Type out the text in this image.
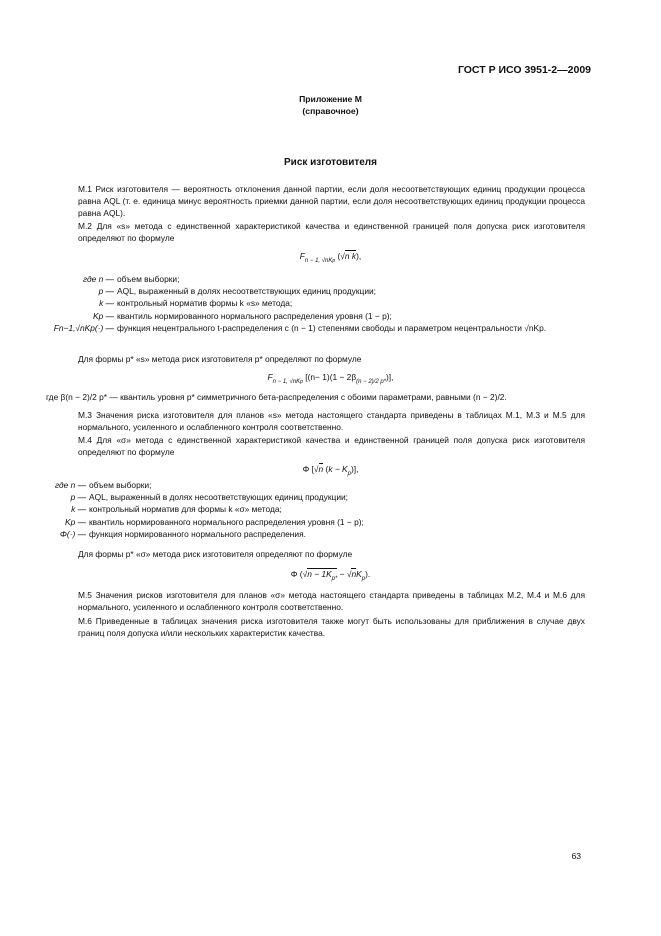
ГОСТ Р ИСО 3951-2—2009
Приложение М
(справочное)
Риск изготовителя
М.1 Риск изготовителя — вероятность отклонения данной партии, если доля несоответствующих единиц продукции процесса равна AQL (т. е. единица минус вероятность приемки данной партии, если доля несоответствующих единиц продукции процесса равна AQL).
М.2 Для «s» метода с единственной характеристикой качества и единственной границей поля допуска риск изготовителя определяют по формуле
$F_{n - 1, √nKp}$ (√n k),
где n — объем выборки;
p — AQL, выраженный в долях несоответствующих единиц продукции;
k — контрольный норматив формы k «s» метода;
Kp — квантиль нормированного нормального распределения уровня (1 − p);
Fn−1,√nKp(·) — функция нецентрального t-распределения с (n − 1) степенями свободы и параметром нецентральности √nKp.
Для формы p* «s» метода риск изготовителя p* определяют по формуле
$F_{n - 1, √nKp}$ $[(n- 1)(1 - 2\beta_{(n - 2)/2 p*})]$,
где β(n − 2)/2 p* — квантиль уровня p* симметричного бета-распределения с обоими параметрами, равными (n − 2)/2.
М.3 Значения риска изготовителя для планов «s» метода настоящего стандарта приведены в таблицах М.1, М.3 и М.5 для нормального, усиленного и ослабленного контроля соответственно.
М.4 Для «σ» метода с единственной характеристикой качества и единственной границей поля допуска риск изготовителя определяют по формуле
Φ [√n $(k - K_p)$],
где n — объем выборки;
p — AQL, выраженный в долях несоответствующих единиц продукции;
k — контрольный норматив для формы k «σ» метода;
Kp — квантиль нормированного нормального распределения уровня (1 − p);
Φ(·) — функция нормированного нормального распределения.
Для формы p* «σ» метода риск изготовителя определяют по формуле
Φ $(√n - 1K_{p*} - √nK_p)$.
М.5 Значения рисков изготовителя для планов «σ» метода настоящего стандарта приведены в таблицах М.2, М.4 и М.6 для нормального, усиленного и ослабленного контроля соответственно.
М.6 Приведенные в таблицах значения риска изготовителя также могут быть использованы для приближения в случае двух границ поля допуска и/или нескольких характеристик качества.
63
